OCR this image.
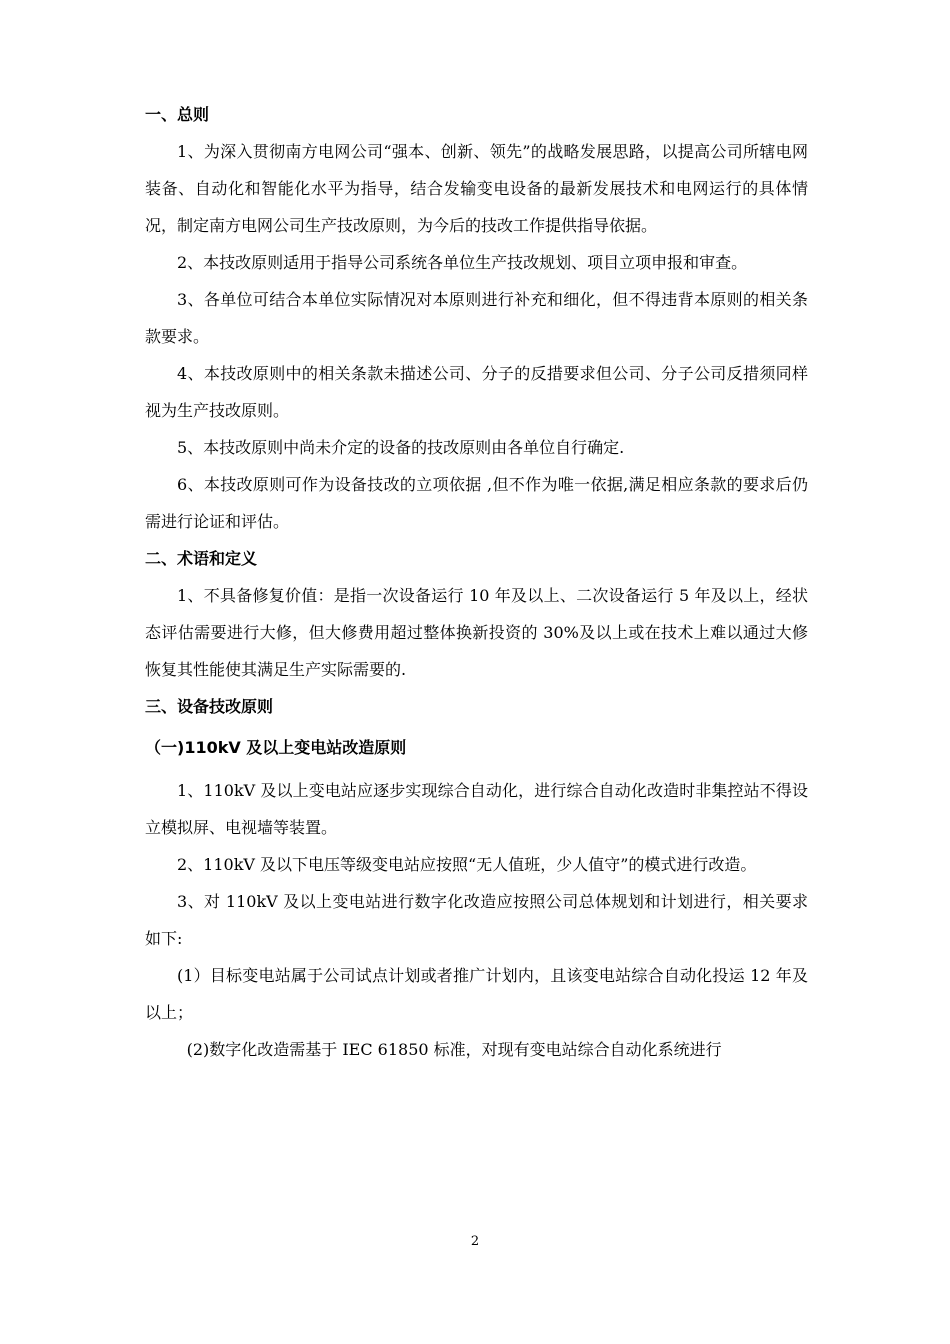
一、总则

1、为深入贯彻南方电网公司“强本、创新、领先”的战略发展思路，以提高公司所辖电网装备、自动化和智能化水平为指导，结合发输变电设备的最新发展技术和电网运行的具体情况，制定南方电网公司生产技改原则，为今后的技改工作提供指导依据。

2、本技改原则适用于指导公司系统各单位生产技改规划、项目立项申报和审查。

3、各单位可结合本单位实际情况对本原则进行补充和细化，但不得违背本原则的相关条款要求。

4、本技改原则中的相关条款未描述公司、分子的反措要求但公司、分子公司反措须同样视为生产技改原则。

5、本技改原则中尚未介定的设备的技改原则由各单位自行确定.

6、本技改原则可作为设备技改的立项依据 ,但不作为唯一依据,满足相应条款的要求后仍需进行论证和评估。

二、术语和定义

1、不具备修复价值：是指一次设备运行 10 年及以上、二次设备运行 5 年及以上，经状态评估需要进行大修，但大修费用超过整体换新投资的 30%及以上或在技术上难以通过大修恢复其性能使其满足生产实际需要的.

三、设备技改原则
（一)110kV 及以上变电站改造原则

1、110kV 及以上变电站应逐步实现综合自动化，进行综合自动化改造时非集控站不得设立模拟屏、电视墙等装置。

2、110kV 及以下电压等级变电站应按照“无人值班，少人值守”的模式进行改造。

3、对 110kV 及以上变电站进行数字化改造应按照公司总体规划和计划进行，相关要求如下:

(1）目标变电站属于公司试点计划或者推广计划内，且该变电站综合自动化投运 12 年及以上；

(2)数字化改造需基于 IEC 61850 标准，对现有变电站综合自动化系统进行

2
